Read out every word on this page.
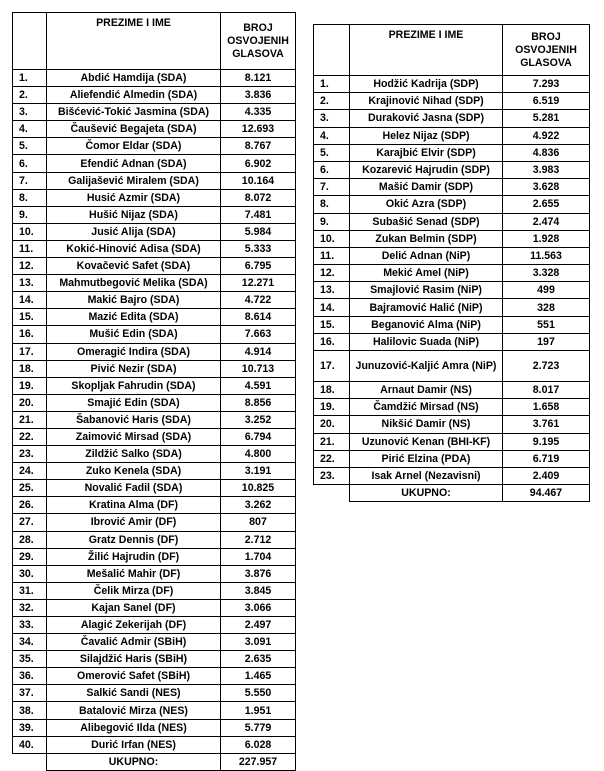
	PREZIME I IME	BROJ OSVOJENIH GLASOVA
1.	Abdić Hamdija (SDA)	8.121
2.	Aliefendić Almedin (SDA)	3.836
3.	Bišćević-Tokić Jasmina (SDA)	4.335
4.	Čaušević Begajeta (SDA)	12.693
5.	Čomor Eldar (SDA)	8.767
6.	Efendić Adnan (SDA)	6.902
7.	Galijašević Miralem (SDA)	10.164
8.	Husić Azmir (SDA)	8.072
9.	Hušić Nijaz (SDA)	7.481
10.	Jusić Alija (SDA)	5.984
11.	Kokić-Hinović Adisa (SDA)	5.333
12.	Kovačević Safet (SDA)	6.795
13.	Mahmutbegović Melika (SDA)	12.271
14.	Makić Bajro (SDA)	4.722
15.	Mazić Edita (SDA)	8.614
16.	Mušić Edin (SDA)	7.663
17.	Omeragić Indira (SDA)	4.914
18.	Pivić Nezir (SDA)	10.713
19.	Skopljak Fahrudin (SDA)	4.591
20.	Smajić Edin (SDA)	8.856
21.	Šabanović Haris (SDA)	3.252
22.	Zaimović Mirsad (SDA)	6.794
23.	Zildžić Salko (SDA)	4.800
24.	Zuko Kenela (SDA)	3.191
25.	Novalić Fadil (SDA)	10.825
26.	Kratina Alma (DF)	3.262
27.	Ibrović Amir (DF)	807
28.	Gratz Dennis (DF)	2.712
29.	Žilić Hajrudin (DF)	1.704
30.	Mešalić Mahir (DF)	3.876
31.	Čelik Mirza (DF)	3.845
32.	Kajan Sanel (DF)	3.066
33.	Alagić Zekerijah (DF)	2.497
34.	Čavalić Admir (SBiH)	3.091
35.	Silajdžić Haris (SBiH)	2.635
36.	Omerović Safet (SBiH)	1.465
37.	Salkić Sandi (NES)	5.550
38.	Batalović Mirza (NES)	1.951
39.	Alibegović Ilda (NES)	5.779
40.	Durić Irfan (NES)	6.028
	UKUPNO:	227.957
	PREZIME I IME	BROJ OSVOJENIH GLASOVA
1.	Hodžić Kadrija (SDP)	7.293
2.	Krajinović Nihad (SDP)	6.519
3.	Duraković Jasna (SDP)	5.281
4.	Helez Nijaz (SDP)	4.922
5.	Karajbić Elvir (SDP)	4.836
6.	Kozarević Hajrudin (SDP)	3.983
7.	Mašić Damir (SDP)	3.628
8.	Okić Azra (SDP)	2.655
9.	Subašić Senad (SDP)	2.474
10.	Zukan Belmin (SDP)	1.928
11.	Delić Adnan (NiP)	11.563
12.	Mekić Amel (NiP)	3.328
13.	Smajlović Rasim (NiP)	499
14.	Bajramović Halić (NiP)	328
15.	Beganović Alma (NiP)	551
16.	Halilovic Suada (NiP)	197
17.	Junuzović-Kaljić Amra (NiP)	2.723
18.	Arnaut Damir (NS)	8.017
19.	Čamdžić Mirsad (NS)	1.658
20.	Nikšić Damir (NS)	3.761
21.	Uzunović Kenan (BHI-KF)	9.195
22.	Pirić Elzina (PDA)	6.719
23.	Isak Arnel (Nezavisni)	2.409
	UKUPNO:	94.467
